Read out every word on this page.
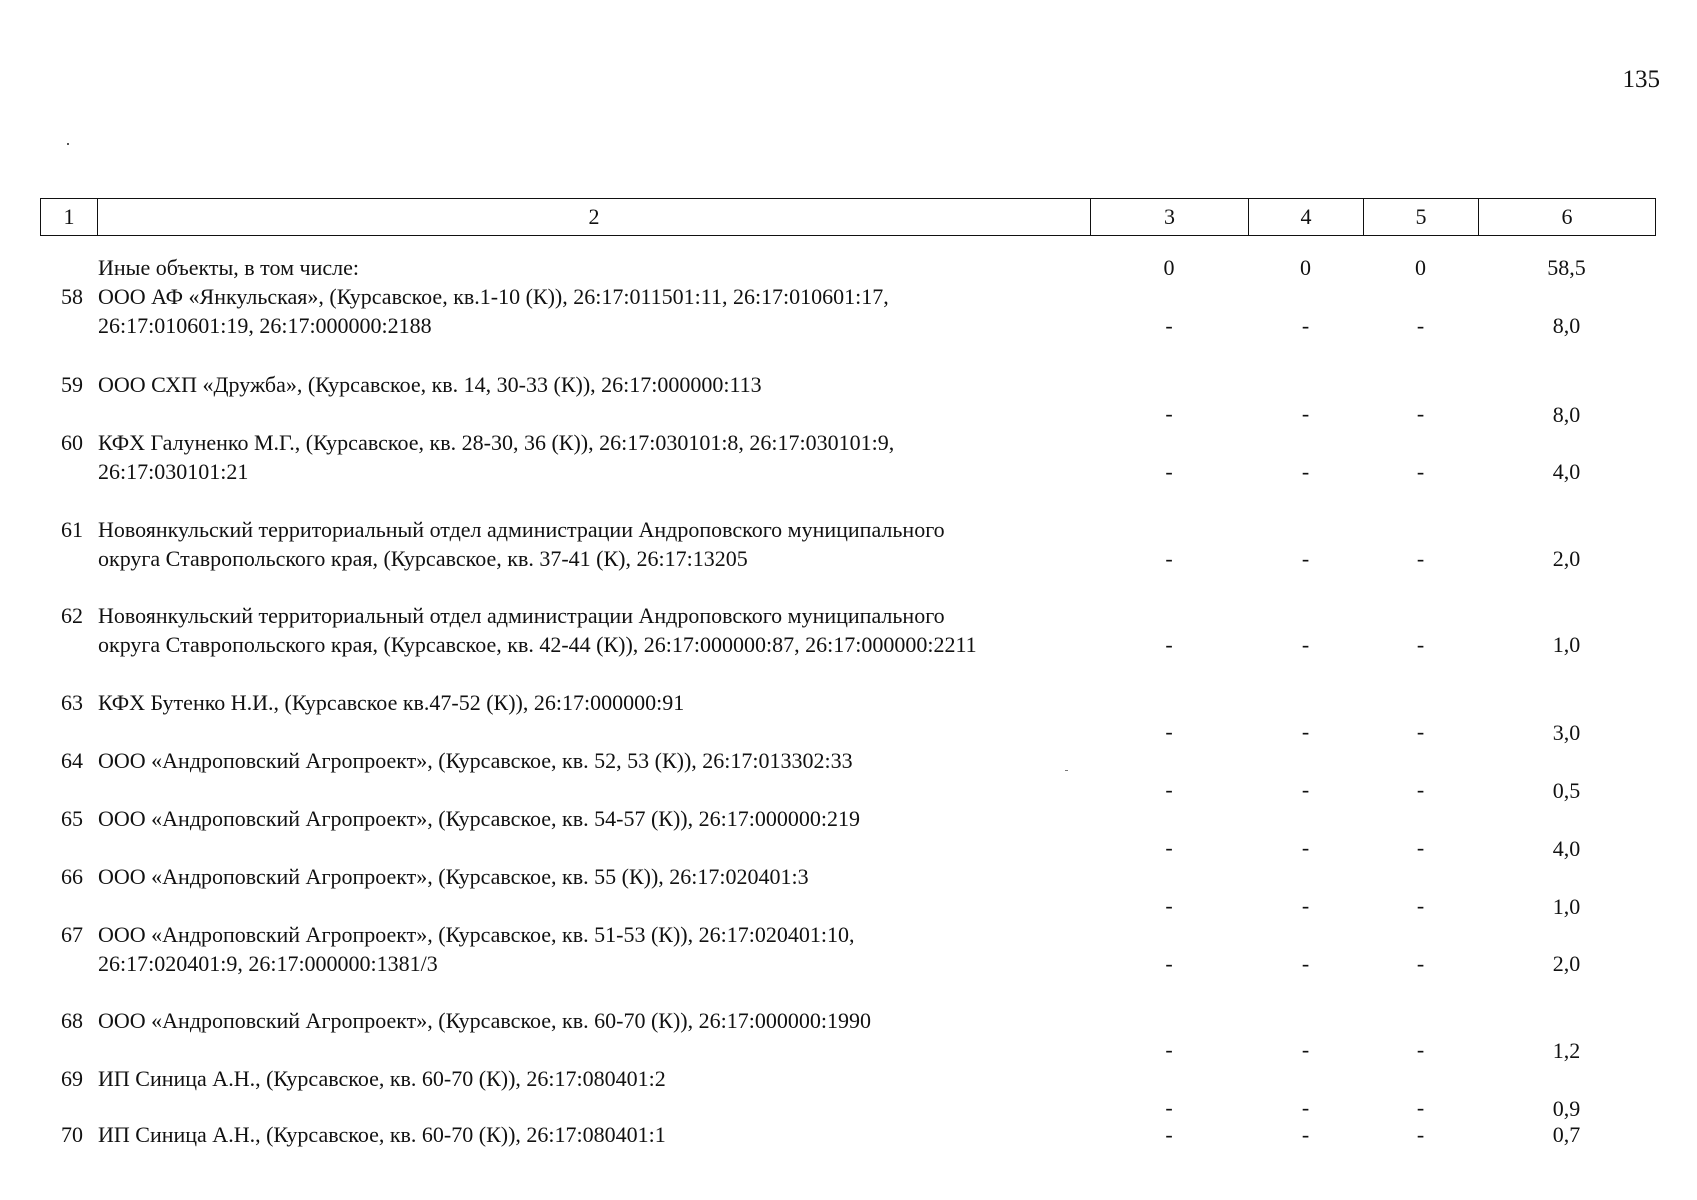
135
1	2	3	4	5	6
Иные объекты, в том числе:	0	0	0	58,5
58 ООО АФ «Янкульская», (Курсавское, кв.1-10 (К)), 26:17:011501:11, 26:17:010601:17,
26:17:010601:19, 26:17:000000:2188	-	-	-	8,0
59 ООО СХП «Дружба», (Курсавское, кв. 14, 30-33 (К)), 26:17:000000:113
-	-	-	8,0
60 КФХ Галуненко М.Г., (Курсавское, кв. 28-30, 36 (К)), 26:17:030101:8, 26:17:030101:9,
26:17:030101:21	-	-	-	4,0
61 Новоянкульский территориальный отдел администрации Андроповского муниципального
округа Ставропольского края, (Курсавское, кв. 37-41 (К), 26:17:13205	-	-	-	2,0
62 Новоянкульский территориальный отдел администрации Андроповского муниципального
округа Ставропольского края, (Курсавское, кв. 42-44 (К)), 26:17:000000:87, 26:17:000000:2211	-	-	-	1,0
63 КФХ Бутенко Н.И., (Курсавское кв.47-52 (К)), 26:17:000000:91
-	-	-	3,0
64 ООО «Андроповский Агропроект», (Курсавское, кв. 52, 53 (К)), 26:17:013302:33
-	-	-	0,5
65 ООО «Андроповский Агропроект», (Курсавское, кв. 54-57 (К)), 26:17:000000:219
-	-	-	4,0
66 ООО «Андроповский Агропроект», (Курсавское, кв. 55 (К)), 26:17:020401:3
-	-	-	1,0
67 ООО «Андроповский Агропроект», (Курсавское, кв. 51-53 (К)), 26:17:020401:10,
26:17:020401:9, 26:17:000000:1381/3	-	-	-	2,0
68 ООО «Андроповский Агропроект», (Курсавское, кв. 60-70 (К)), 26:17:000000:1990
-	-	-	1,2
69 ИП Синица А.Н., (Курсавское, кв. 60-70 (К)), 26:17:080401:2
-	-	-	0,9
70 ИП Синица А.Н., (Курсавское, кв. 60-70 (К)), 26:17:080401:1	-	-	-	0,7
